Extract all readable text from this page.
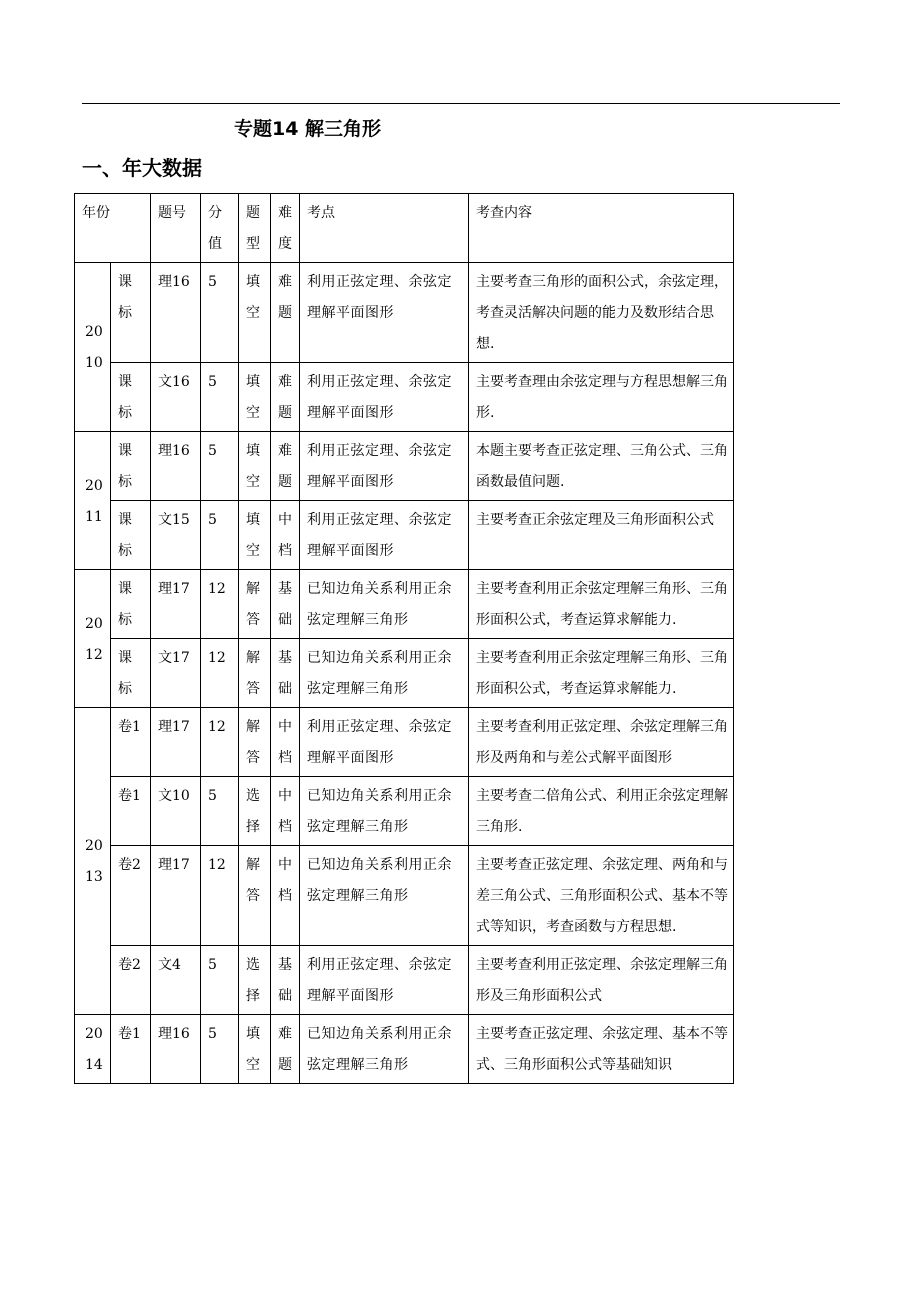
专题14 解三角形
一、年大数据
年份		题号	分值	题型	难度	考点	考查内容
2010	课标	理16	5	填空	难题	利用正弦定理、余弦定理解平面图形	主要考查三角形的面积公式，余弦定理，考查灵活解决问题的能力及数形结合思想.
	课标	文16	5	填空	难题	利用正弦定理、余弦定理解平面图形	主要考查理由余弦定理与方程思想解三角形.
2011	课标	理16	5	填空	难题	利用正弦定理、余弦定理解平面图形	本题主要考查正弦定理、三角公式、三角函数最值问题.
	课标	文15	5	填空	中档	利用正弦定理、余弦定理解平面图形	主要考查正余弦定理及三角形面积公式
2012	课标	理17	12	解答	基础	已知边角关系利用正余弦定理解三角形	主要考查利用正余弦定理解三角形、三角形面积公式，考查运算求解能力.
	课标	文17	12	解答	基础	已知边角关系利用正余弦定理解三角形	主要考查利用正余弦定理解三角形、三角形面积公式，考查运算求解能力.
2013	卷1	理17	12	解答	中档	利用正弦定理、余弦定理解平面图形	主要考查利用正弦定理、余弦定理解三角形及两角和与差公式解平面图形
	卷1	文10	5	选择	中档	已知边角关系利用正余弦定理解三角形	主要考查二倍角公式、利用正余弦定理解三角形.
	卷2	理17	12	解答	中档	已知边角关系利用正余弦定理解三角形	主要考查正弦定理、余弦定理、两角和与差三角公式、三角形面积公式、基本不等式等知识，考查函数与方程思想.
	卷2	文4	5	选择	基础	利用正弦定理、余弦定理解平面图形	主要考查利用正弦定理、余弦定理解三角形及三角形面积公式
2014	卷1	理16	5	填空	难题	已知边角关系利用正余弦定理解三角形	主要考查正弦定理、余弦定理、基本不等式、三角形面积公式等基础知识
